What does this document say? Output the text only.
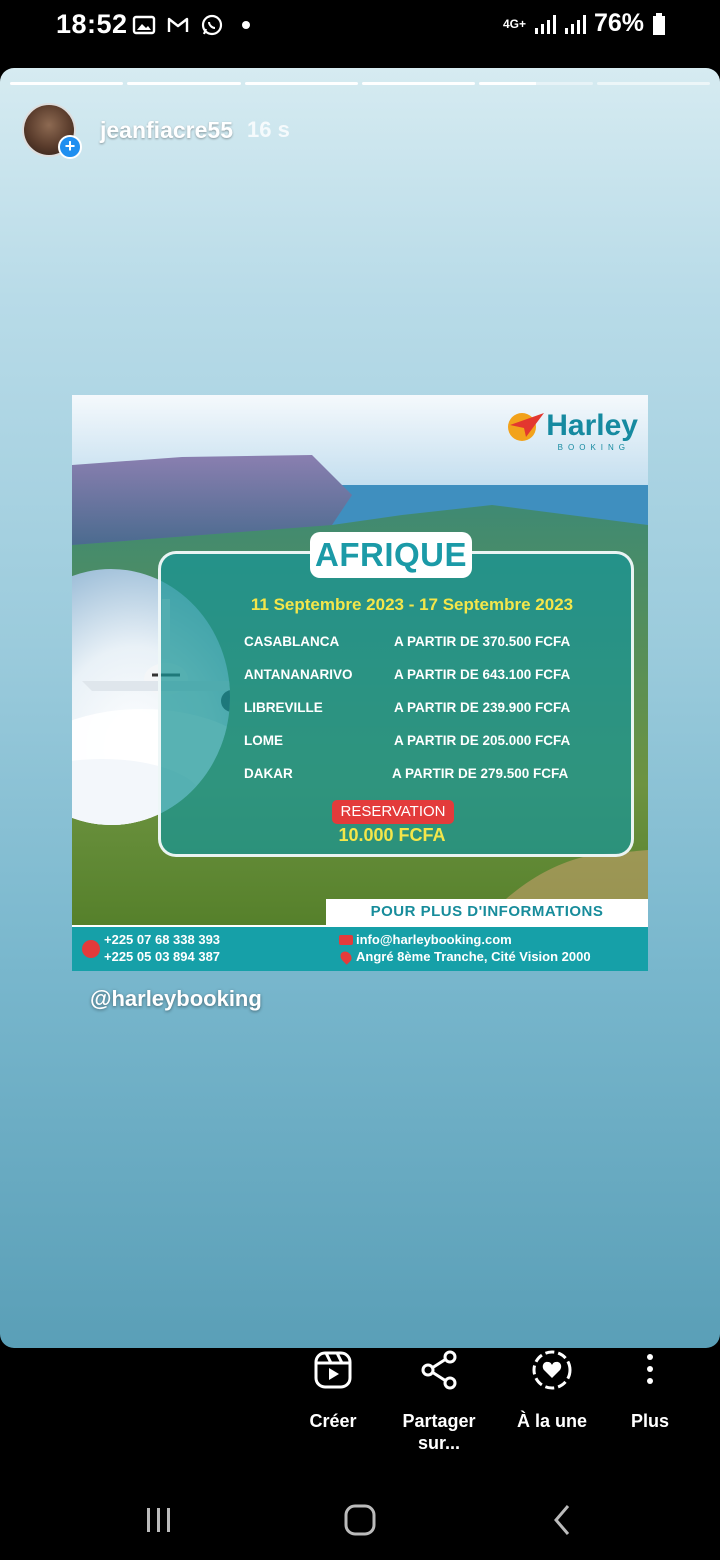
18:52	4G+	76%
+
jeanfiacre55 16 s
Harley
BOOKING
AFRIQUE
11 Septembre 2023 - 17 Septembre 2023
CASABLANCA	A PARTIR DE 370.500 FCFA
ANTANANARIVO	A PARTIR DE 643.100 FCFA
LIBREVILLE	A PARTIR DE 239.900 FCFA
LOME	A PARTIR DE 205.000 FCFA
DAKAR	A PARTIR DE 279.500 FCFA
RESERVATION
10.000 FCFA
POUR PLUS D'INFORMATIONS
+225 07 68 338 393
+225 05 03 894 387
info@harleybooking.com
Angré 8ème Tranche, Cité Vision 2000
@harleybooking
Créer	Partager sur...
À la une	Plus
